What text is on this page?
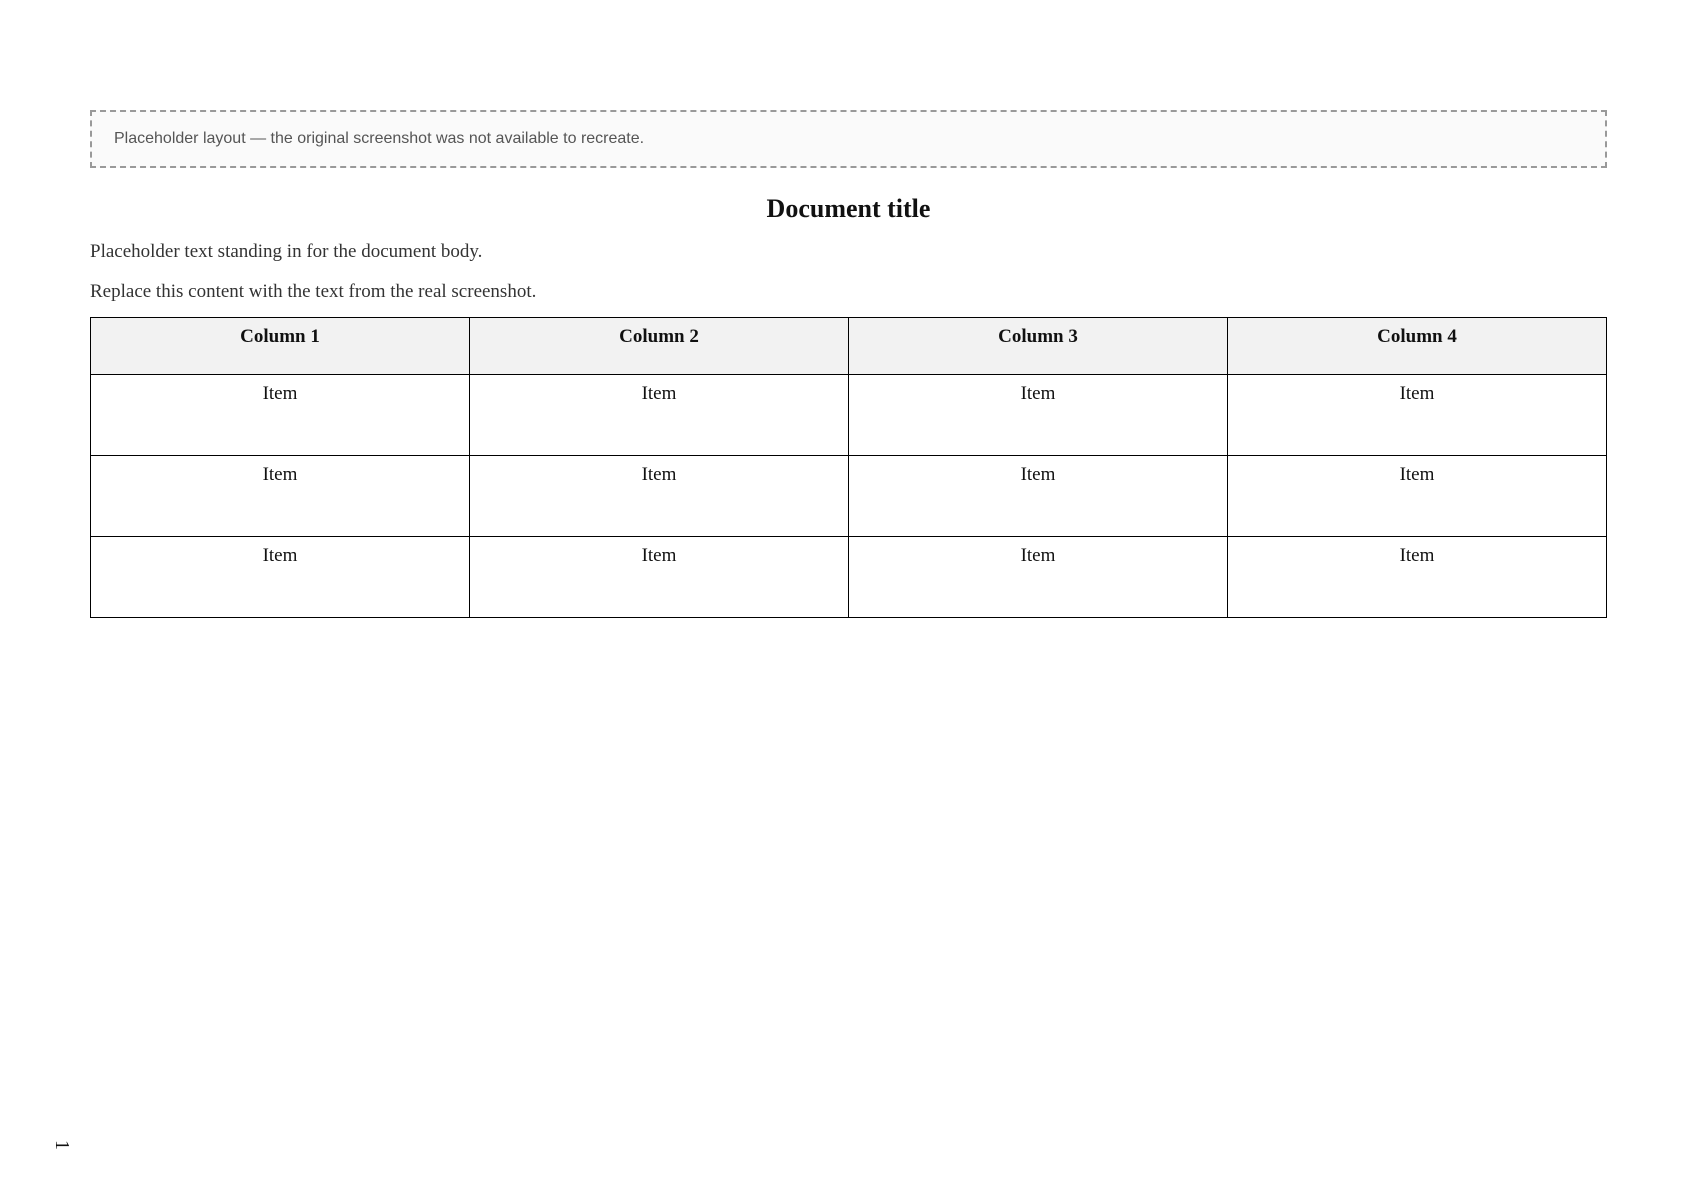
Placeholder layout — the original screenshot was not available to recreate.
Document title

Placeholder text standing in for the document body.

Replace this content with the text from the real screenshot.

Column 1	Column 2	Column 3	Column 4
Item	Item	Item	Item
Item	Item	Item	Item
Item	Item	Item	Item
1
